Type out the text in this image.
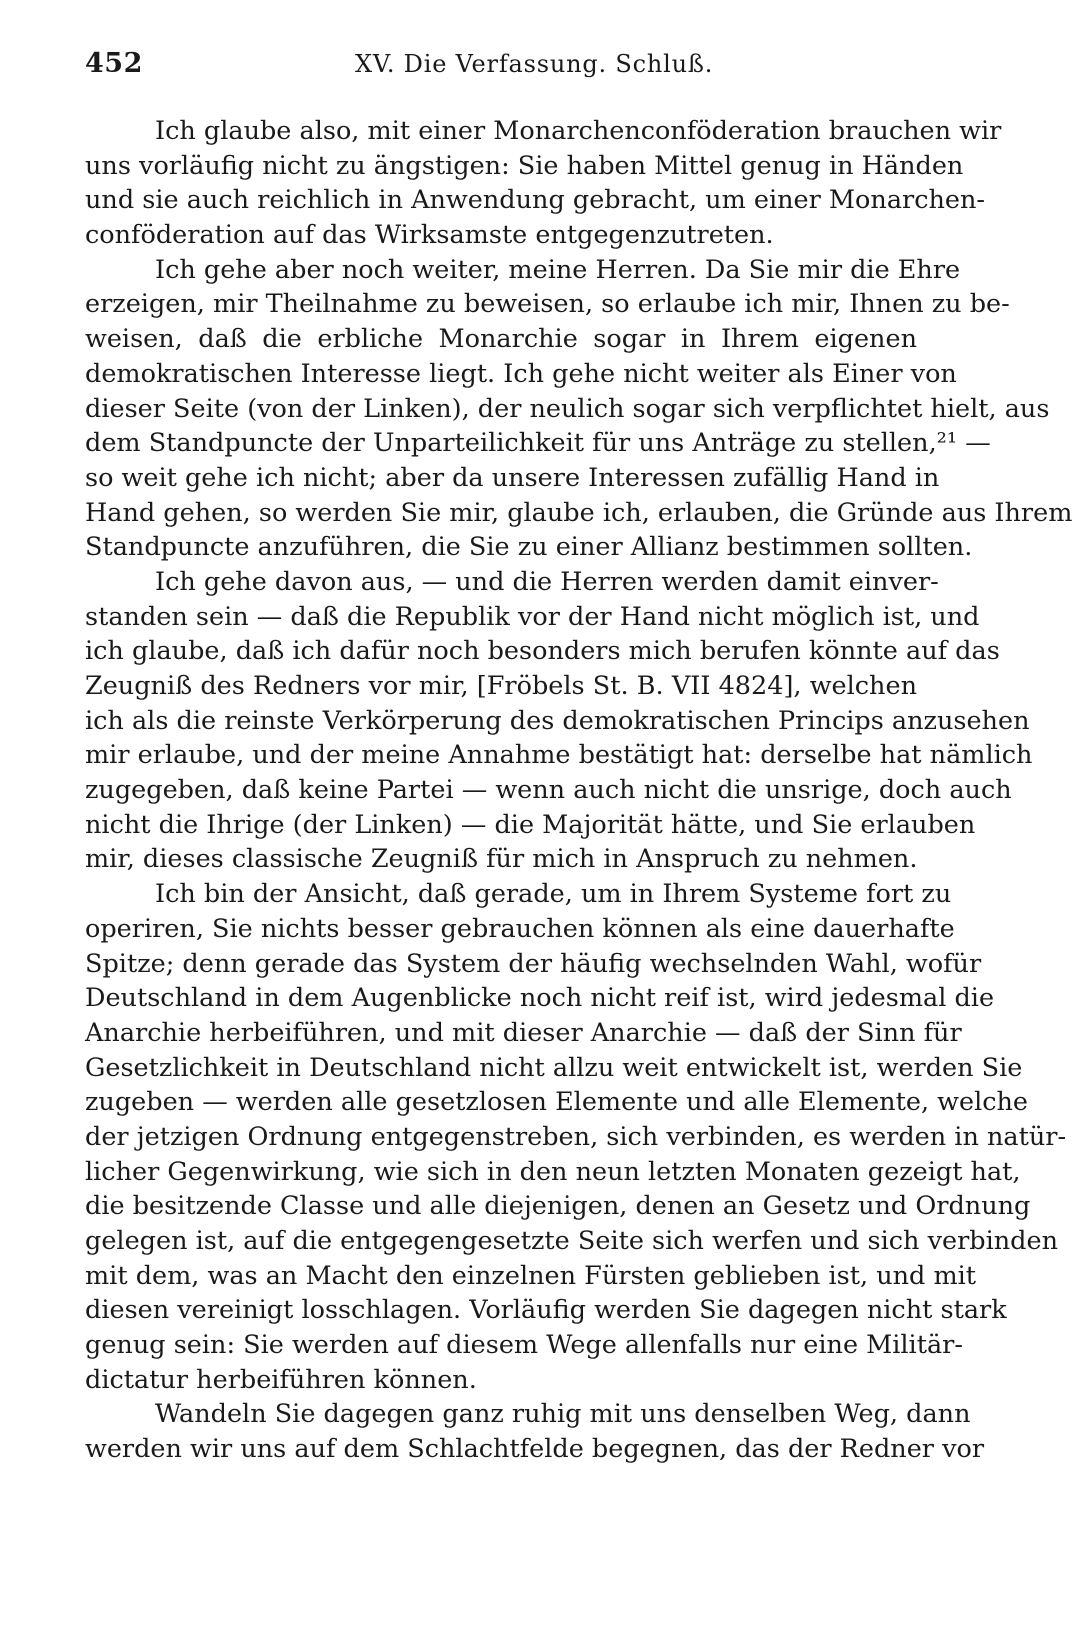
452	XV. Die Verfassung. Schluß.
Ich glaube also, mit einer Monarchenconföderation brauchen wir
uns vorläufig nicht zu ängstigen: Sie haben Mittel genug in Händen
und sie auch reichlich in Anwendung gebracht, um einer Monarchen-
conföderation auf das Wirksamste entgegenzutreten.
Ich gehe aber noch weiter, meine Herren. Da Sie mir die Ehre
erzeigen, mir Theilnahme zu beweisen, so erlaube ich mir, Ihnen zu be-
weisen, daß die erbliche Monarchie sogar in Ihrem eigenen
demokratischen Interesse liegt. Ich gehe nicht weiter als Einer von
dieser Seite (von der Linken), der neulich sogar sich verpflichtet hielt, aus
dem Standpuncte der Unparteilichkeit für uns Anträge zu stellen,²¹ —
so weit gehe ich nicht; aber da unsere Interessen zufällig Hand in
Hand gehen, so werden Sie mir, glaube ich, erlauben, die Gründe aus Ihrem
Standpuncte anzuführen, die Sie zu einer Allianz bestimmen sollten.
Ich gehe davon aus, — und die Herren werden damit einver-
standen sein — daß die Republik vor der Hand nicht möglich ist, und
ich glaube, daß ich dafür noch besonders mich berufen könnte auf das
Zeugniß des Redners vor mir, [Fröbels St. B. VII 4824], welchen
ich als die reinste Verkörperung des demokratischen Princips anzusehen
mir erlaube, und der meine Annahme bestätigt hat: derselbe hat nämlich
zugegeben, daß keine Partei — wenn auch nicht die unsrige, doch auch
nicht die Ihrige (der Linken) — die Majorität hätte, und Sie erlauben
mir, dieses classische Zeugniß für mich in Anspruch zu nehmen.
Ich bin der Ansicht, daß gerade, um in Ihrem Systeme fort zu
operiren, Sie nichts besser gebrauchen können als eine dauerhafte
Spitze; denn gerade das System der häufig wechselnden Wahl, wofür
Deutschland in dem Augenblicke noch nicht reif ist, wird jedesmal die
Anarchie herbeiführen, und mit dieser Anarchie — daß der Sinn für
Gesetzlichkeit in Deutschland nicht allzu weit entwickelt ist, werden Sie
zugeben — werden alle gesetzlosen Elemente und alle Elemente, welche
der jetzigen Ordnung entgegenstreben, sich verbinden, es werden in natür-
licher Gegenwirkung, wie sich in den neun letzten Monaten gezeigt hat,
die besitzende Classe und alle diejenigen, denen an Gesetz und Ordnung
gelegen ist, auf die entgegengesetzte Seite sich werfen und sich verbinden
mit dem, was an Macht den einzelnen Fürsten geblieben ist, und mit
diesen vereinigt losschlagen. Vorläufig werden Sie dagegen nicht stark
genug sein: Sie werden auf diesem Wege allenfalls nur eine Militär-
dictatur herbeiführen können.
Wandeln Sie dagegen ganz ruhig mit uns denselben Weg, dann
werden wir uns auf dem Schlachtfelde begegnen, das der Redner vor
